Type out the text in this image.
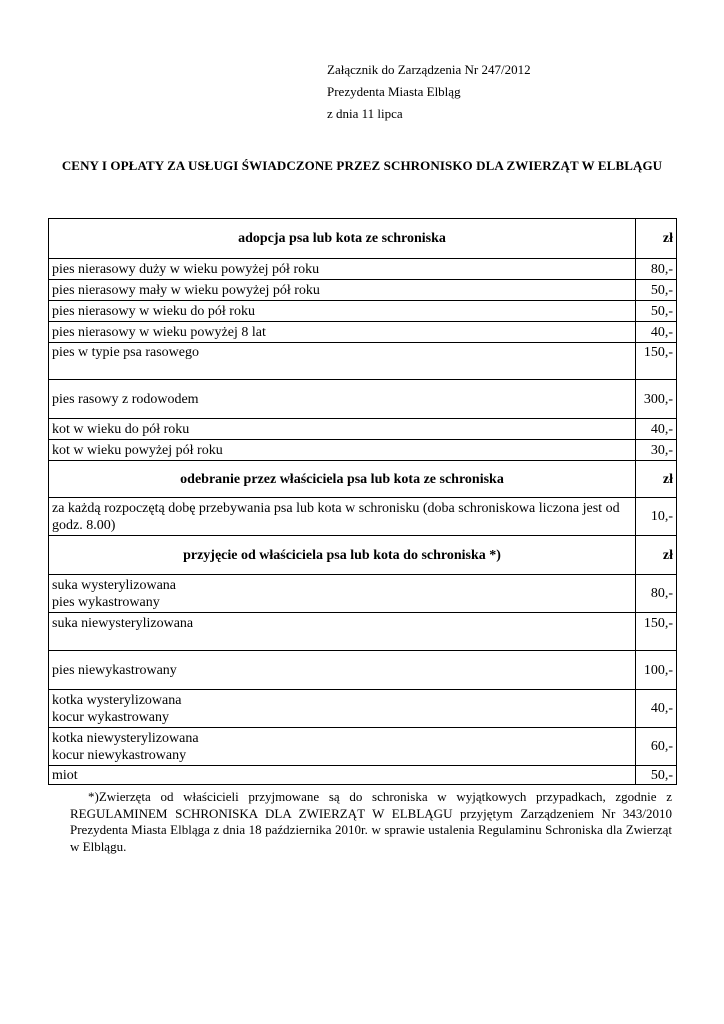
Załącznik do Zarządzenia Nr 247/2012
Prezydenta Miasta Elbląg
z dnia 11 lipca
CENY I OPŁATY ZA USŁUGI ŚWIADCZONE PRZEZ SCHRONISKO DLA ZWIERZĄT W ELBLĄGU
adopcja psa lub kota ze schroniska	zł
pies nierasowy duży w wieku powyżej pół roku	80,-
pies nierasowy mały w wieku powyżej pół roku	50,-
pies nierasowy w wieku do pół roku	50,-
pies nierasowy w wieku powyżej 8 lat	40,-
pies w typie psa rasowego	150,-
pies rasowy z rodowodem	300,-
kot w wieku do pół roku	40,-
kot w wieku powyżej pół roku	30,-
odebranie przez właściciela psa lub kota ze schroniska	zł
za każdą rozpoczętą dobę przebywania psa lub kota w schronisku (doba schroniskowa liczona jest od godz. 8.00)	10,-
przyjęcie od właściciela psa lub kota do schroniska *)	zł

suka wysterylizowana
pies wykastrowany	80,-
suka niewysterylizowana	150,-
pies niewykastrowany	100,-

kotka wysterylizowana
kocur wykastrowany	40,-

kotka niewysterylizowana
kocur niewykastrowany	60,-
miot	50,-
*)Zwierzęta od właścicieli przyjmowane są do schroniska w wyjątkowych przypadkach, zgodnie z REGULAMINEM SCHRONISKA DLA ZWIERZĄT W ELBLĄGU przyjętym Zarządzeniem Nr 343/2010 Prezydenta Miasta Elbląga z dnia 18 października 2010r. w sprawie ustalenia Regulaminu Schroniska dla Zwierząt w Elblągu.
